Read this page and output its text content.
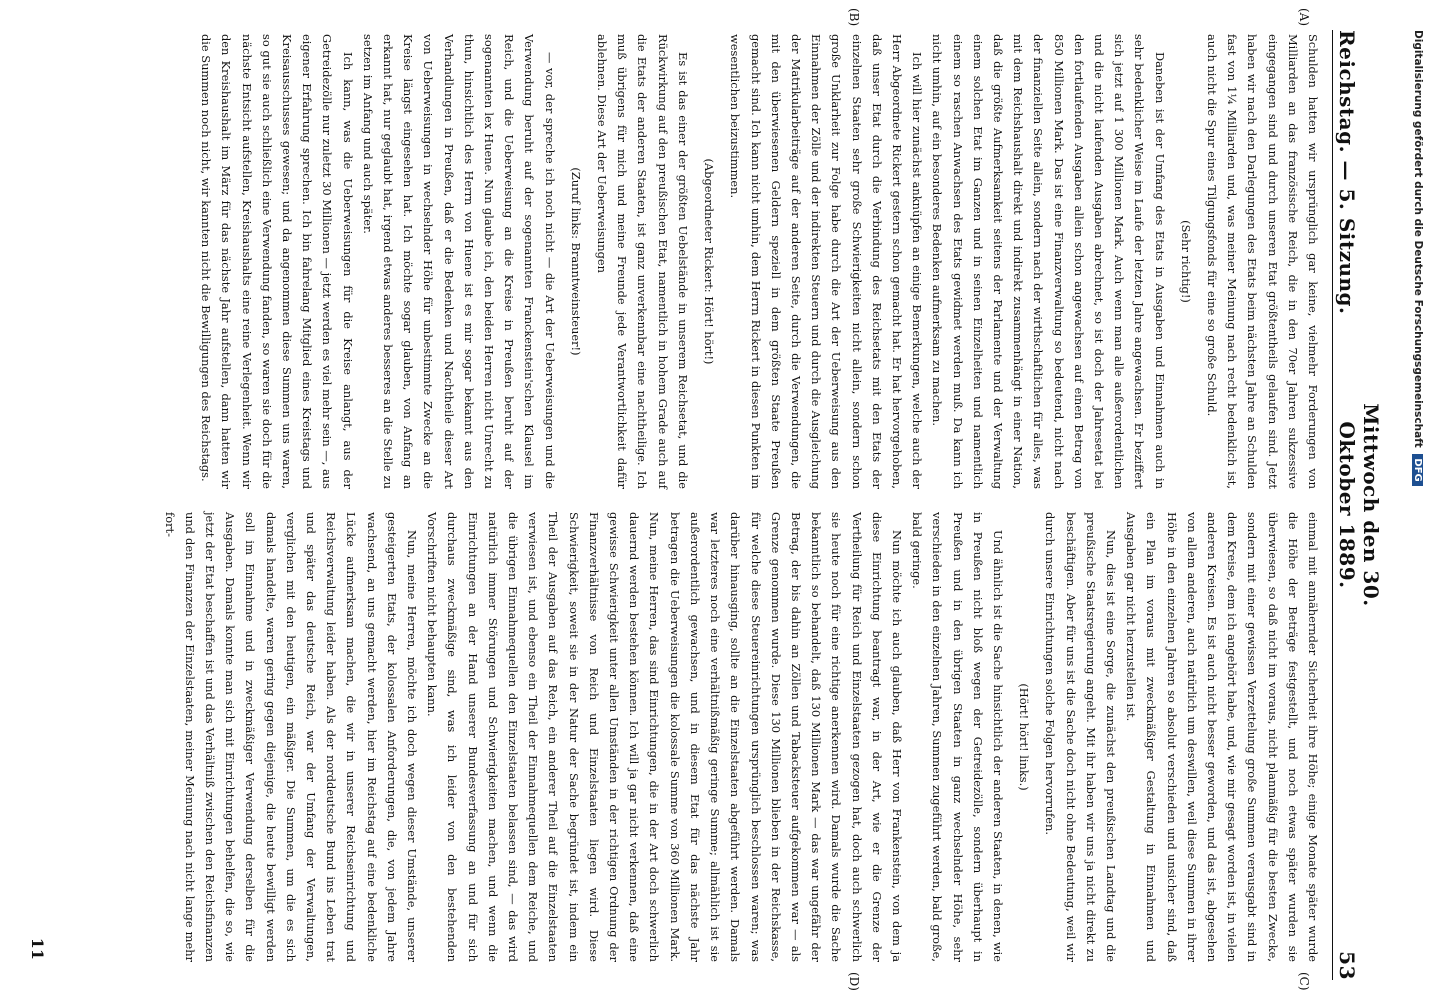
Reichstag. — 5. Sitzung.
Mittwoch den 30. Oktober 1889.
53
(A)
(B)
(C)
(D)

Schulden hatten wir ursprünglich gar keine, vielmehr Forderungen von Milliarden an das französische Reich, die in den 70er Jahren sukzessive eingegangen sind und durch unseren Etat größtentheils gelaufen sind. Jetzt haben wir nach den Darlegungen des Etats beim nächsten Jahre an Schulden fast von 1¼ Milliarden und, was meiner Meinung nach recht bedenklich ist, auch nicht die Spur eines Tilgungsfonds für eine so große Schuld.

(Sehr richtig!)

Daneben ist der Umfang des Etats in Ausgaben und Einnahmen auch in sehr bedenklicher Weise im Laufe der letzten Jahre angewachsen. Er beziffert sich jetzt auf 1 300 Millionen Mark. Auch wenn man alle außerordentlichen und die nicht laufenden Ausgaben abrechnet, so ist doch der Jahresetat bei den fortlaufenden Ausgaben allein schon angewachsen auf einen Betrag von 850 Millionen Mark. Das ist eine Finanzverwaltung so bedeutend, nicht nach der finanziellen Seite allein, sondern nach der wirthschaftlichen für alles, was mit dem Reichshaushalt direkt und indirekt zusammenhängt in einer Nation, daß die größte Aufmerksamkeit seitens der Parlamente und der Verwaltung einem solchen Etat im Ganzen und in seinen Einzelheiten und namentlich einem so raschen Anwachsen des Etats gewidmet werden muß. Da kann ich nicht umhin, auf ein besonderes Bedenken aufmerksam zu machen.

Ich will hier zunächst anknüpfen an einige Bemerkungen, welche auch der Herr Abgeordnete Rickert gestern schon gemacht hat. Er hat hervorgehoben, daß unser Etat durch die Verbindung des Reichsetats mit den Etats der einzelnen Staaten sehr große Schwierigkeiten nicht allein, sondern schon große Unklarheit zur Folge habe durch die Art der Ueberweisung aus den Einnahmen der Zölle und der indirekten Steuern und durch die Ausgleichung der Matrikularbeiträge auf der anderen Seite, durch die Verwendungen, die mit den überwiesenen Geldern speziell in dem größten Staate Preußen gemacht sind. Ich kann nicht umhin, dem Herrn Rickert in diesen Punkten im wesentlichen beizustimmen.

(Abgeordneter Rickert: Hört! hört!)

Es ist das einer der größten Uebelstände in unserem Reichsetat, und die Rückwirkung auf den preußischen Etat, namentlich in hohem Grade auch auf die Etats der anderen Staaten, ist ganz unverkennbar eine nachtheilige. Ich muß übrigens für mich und meine Freunde jede Verantwortlichkeit dafür ablehnen. Diese Art der Ueberweisungen

(Zuruf links: Branntweinsteuer!)

— vor, der spreche ich noch nicht — die Art der Ueberweisungen und die Verwendung beruht auf der sogenannten Franckenstein'schen Klausel im Reich, und die Ueberweisung an die Kreise in Preußen beruht auf der sogenannten lex Huene. Nun glaube ich, den beiden Herren nicht Unrecht zu thun, hinsichtlich des Herrn von Huene ist es mir sogar bekannt aus den Verhandlungen in Preußen, daß er die Bedenken und Nachtheile dieser Art von Ueberweisungen in wechselnder Höhe für unbestimmte Zwecke an die Kreise längst eingesehen hat. Ich möchte sogar glauben, von Anfang an erkannt hat, nur geglaubt hat, irgend etwas anderes besseres an die Stelle zu setzen im Anfang und auch später.

Ich kann, was die Ueberweisungen für die Kreise anlangt, aus der Getreidezölle nur zuletzt 30 Millionen — jetzt werden es viel mehr sein —, aus eigener Erfahrung sprechen. Ich bin fahrelang Mitglied eines Kreistags und Kreisausschusses gewesen; und da angenommen diese Summen uns waren, so gut sie auch schließlich eine Verwendung fanden, so waren sie doch für die nächste Entsicht aufstellen, Kreishaushalts eine reine Verlegenheit. Wenn wir den Kreishaushalt im März für das nächste Jahr aufstellen, dann hatten wir die Summen noch nicht, wir kannten nicht die Bewilligungen des Reichstags.

einmal mit annähernder Sicherheit ihre Höhe; einige Monate später wurde die Höhe der Beträge festgestellt, und noch etwas später wurden sie überwiesen, so daß nicht im voraus, nicht planmäßig für die besten Zwecke, sondern mit einer gewissen Verzettelung große Summen verausgabt sind in dem Kreise, dem ich angehört habe, und, wie mir gesagt worden ist, in vielen anderen Kreisen. Es ist auch nicht besser geworden, und das ist, abgesehen von allem anderen, auch natürlich um deswillen, weil diese Summen in ihrer Höhe in den einzelnen Jahren so absolut verschieden und unsicher sind, daß ein Plan im voraus mit zweckmäßiger Gestaltung in Einnahmen und Ausgaben gar nicht herzustellen ist.

Nun, dies ist eine Sorge, die zunächst den preußischen Landtag und die preußische Staatsregierung angeht. Mit ihr haben wir uns ja nicht direkt zu beschäftigen. Aber für uns ist die Sache doch nicht ohne Bedeutung, weil wir durch unsere Einrichtungen solche Folgen hervorrufen.

(Hört! hört! links.)

Und ähnlich ist die Sache hinsichtlich der anderen Staaten, in denen, wie in Preußen nicht bloß wegen der Getreidezölle, sondern überhaupt in Preußen und in den übrigen Staaten in ganz wechselnder Höhe, sehr verschieden in den einzelnen Jahren, Summen zugeführt werden, bald große, bald geringe.

Nun möchte ich auch glauben, daß Herr von Frankenstein, von dem ja diese Einrichtung beantragt war, in der Art, wie er die Grenze der Vertheilung für Reich und Einzelstaaten gezogen hat, doch auch schwerlich sie heute noch für eine richtige anerkennen wird. Damals wurde die Sache bekanntlich so behandelt, daß 130 Millionen Mark — das war ungefähr der Betrag, der bis dahin an Zöllen und Tabacksteuer aufgekommen war — als Grenze genommen wurde. Diese 130 Millionen blieben in der Reichskasse, für welche diese Steuereinrichtungen ursprünglich beschlossen waren; was darüber hinausging, sollte an die Einzelstaaten abgeführt werden. Damals war letzteres noch eine verhältnißmäßig geringe Summe; allmählich ist sie außerordentlich gewachsen, und in diesem Etat für das nächste Jahr betragen die Ueberweisungen die kolossale Summe von 360 Millionen Mark. Nun, meine Herren, das sind Einrichtungen, die in der Art doch schwerlich dauernd werden bestehen können. Ich will ja gar nicht verkennen, daß eine gewisse Schwierigkeit unter allen Umständen in der richtigen Ordnung der Finanzverhältnisse von Reich und Einzelstaaten liegen wird. Diese Schwierigkeit, soweit sie in der Natur der Sache begründet ist, indem ein Theil der Ausgaben auf das Reich, ein anderer Theil auf die Einzelstaaten verwiesen ist, und ebenso ein Theil der Einnahmequellen dem Reiche, und die übrigen Einnahmequellen den Einzelstaaten belassen sind, — das wird natürlich immer Störungen und Schwierigkeiten machen, und wenn die Einrichtungen an der Hand unserer Bundesverfassung an und für sich durchaus zweckmäßige sind, was ich leider von den bestehenden Vorschriften nicht behaupten kann.

Nun, meine Herren, möchte ich doch wegen dieser Umstände, unserer gesteigerten Etats, der kolossalen Anforderungen, die, von jedem Jahre wachsend, an uns gemacht werden, hier im Reichstag auf eine bedenkliche Lücke aufmerksam machen, die wir in unserer Reichseinrichtung und Reichsverwaltung leider haben. Als der norddeutsche Bund ins Leben trat und später das deutsche Reich, war der Umfang der Verwaltungen, verglichen mit den heutigen, ein mäßiger. Die Summen, um die es sich damals handelte, waren gering gegen diejenige, die heute bewilligt werden soll im Einnahme und in zweckmäßiger Verwendung derselben für die Ausgaben. Damals konnte man sich mit Einrichtungen behelfen, die so, wie jetzt der Etat beschaffen ist und das Verhältniß zwischen den Reichsfinanzen und den Finanzen der Einzelstaaten, meiner Meinung nach nicht lange mehr fort-

11
Digitalisierung gefördert durch die Deutsche Forschungsgemeinschaft DFG
